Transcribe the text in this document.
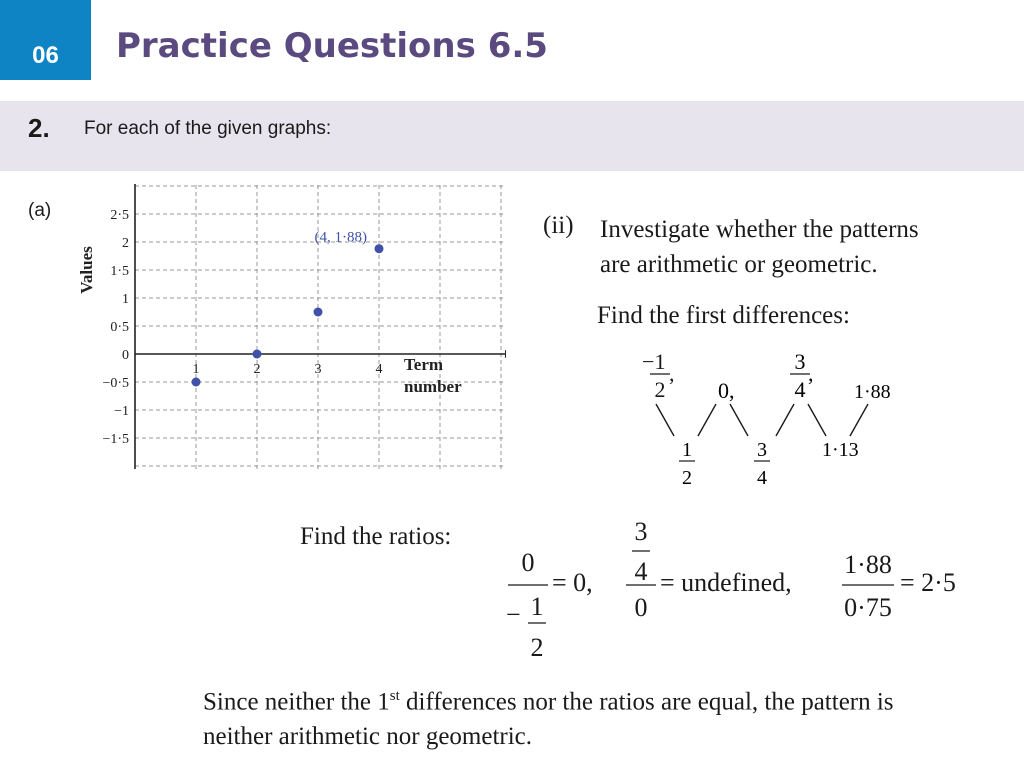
06 Practice Questions 6.5
2. For each of the given graphs:
(a)	2·5
2
1·5
1
0·5
0
−0·5
−1
−1·5
1	2	3	4
Values
Term number
(4, 1·88)	(ii) Investigate whether the patterns
are arithmetic or geometric.
Find the first differences:
− 1
2
,
0,
3
4
,
1·88
1
2
3
4
1·13
Find the ratios:
0
− 1
2
= 0,
3
4
0
= undefined,
1·88
0·75
= 2·5
Since neither the 1st differences nor the ratios are equal, the pattern is
neither arithmetic nor geometric.
